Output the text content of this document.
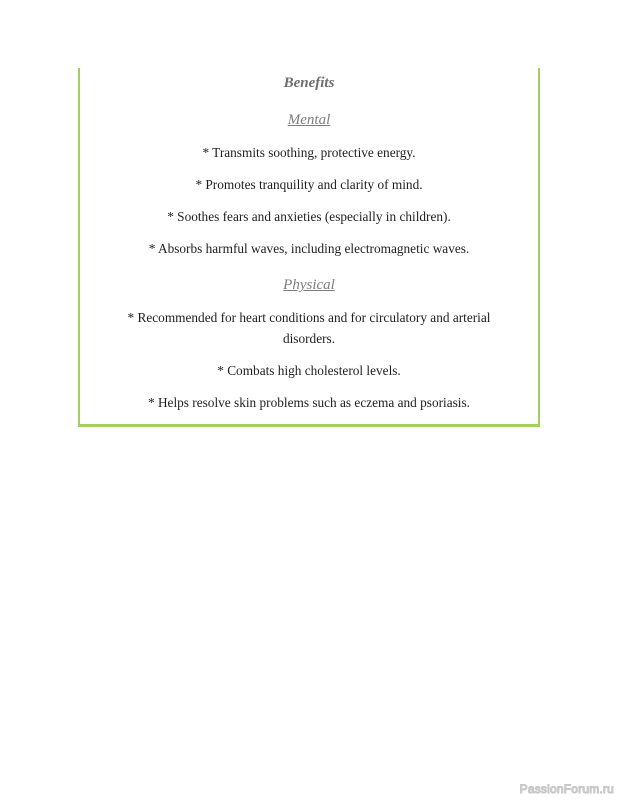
Benefits
Mental

* Transmits soothing, protective energy.

* Promotes tranquility and clarity of mind.

* Soothes fears and anxieties (especially in children).

* Absorbs harmful waves, including electromagnetic waves.

Physical

* Recommended for heart conditions and for circulatory and arterial
disorders.

* Combats high cholesterol levels.

* Helps resolve skin problems such as eczema and psoriasis.

PassionForum.ru
